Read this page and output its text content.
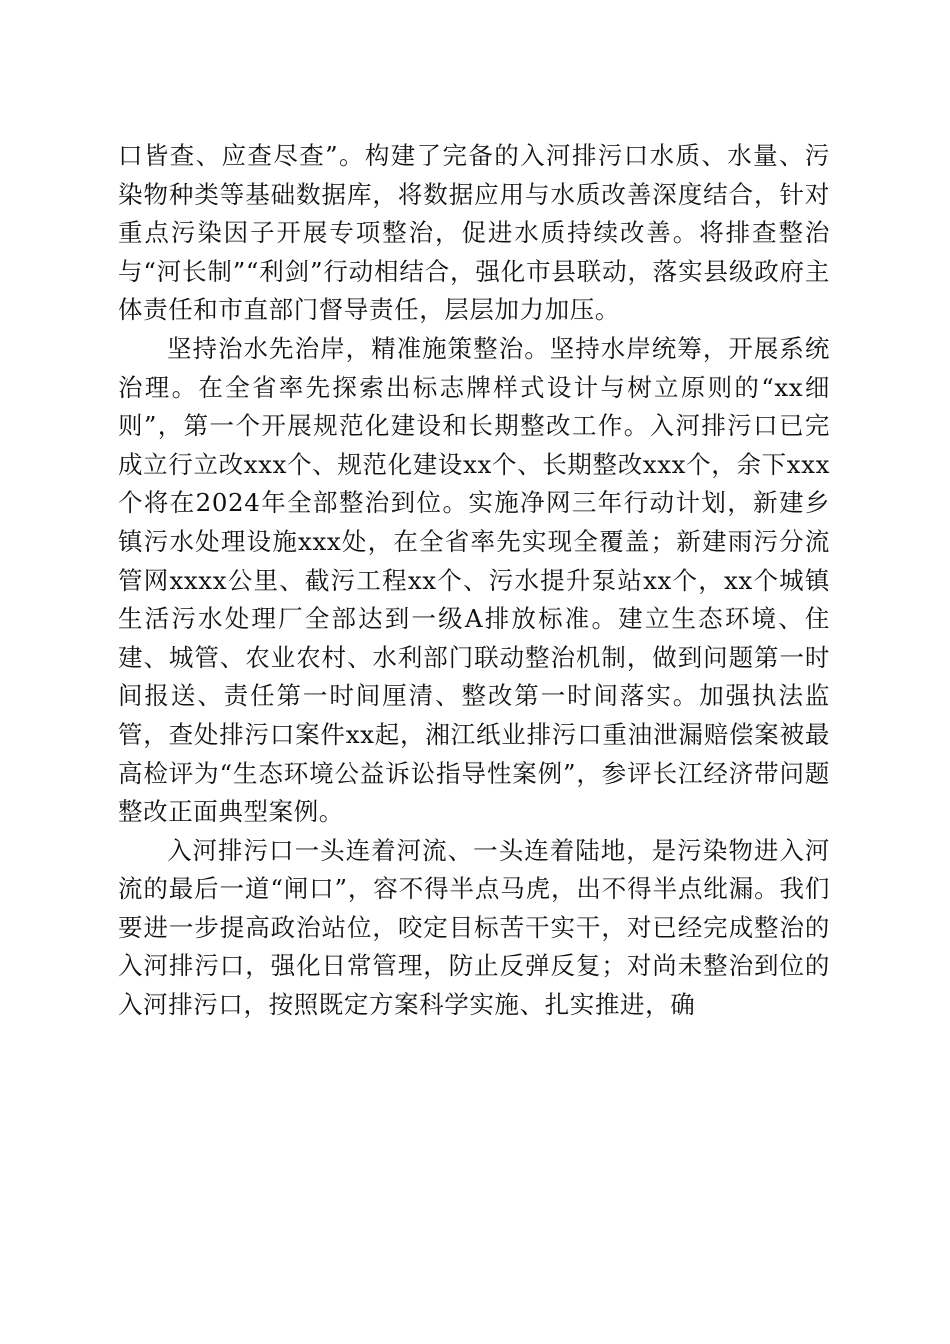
口皆查、应查尽查”。构建了完备的入河排污口水质、水量、污染物种类等基础数据库，将数据应用与水质改善深度结合，针对重点污染因子开展专项整治，促进水质持续改善。将排查整治与“河长制”“利剑”行动相结合，强化市县联动，落实县级政府主体责任和市直部门督导责任，层层加力加压。

坚持治水先治岸，精准施策整治。坚持水岸统筹，开展系统治理。在全省率先探索出标志牌样式设计与树立原则的“xx细则”，第一个开展规范化建设和长期整改工作。入河排污口已完成立行立改xxx个、规范化建设xx个、长期整改xxx个，余下xxx个将在2024年全部整治到位。实施净网三年行动计划，新建乡镇污水处理设施xxx处，在全省率先实现全覆盖；新建雨污分流管网xxxx公里、截污工程xx个、污水提升泵站xx个，xx个城镇生活污水处理厂全部达到一级A排放标准。建立生态环境、住建、城管、农业农村、水利部门联动整治机制，做到问题第一时间报送、责任第一时间厘清、整改第一时间落实。加强执法监管，查处排污口案件xx起，湘江纸业排污口重油泄漏赔偿案被最高检评为“生态环境公益诉讼指导性案例”，参评长江经济带问题整改正面典型案例。

入河排污口一头连着河流、一头连着陆地，是污染物进入河流的最后一道“闸口”，容不得半点马虎，出不得半点纰漏。我们要进一步提高政治站位，咬定目标苦干实干，对已经完成整治的入河排污口，强化日常管理，防止反弹反复；对尚未整治到位的入河排污口，按照既定方案科学实施、扎实推进，确
